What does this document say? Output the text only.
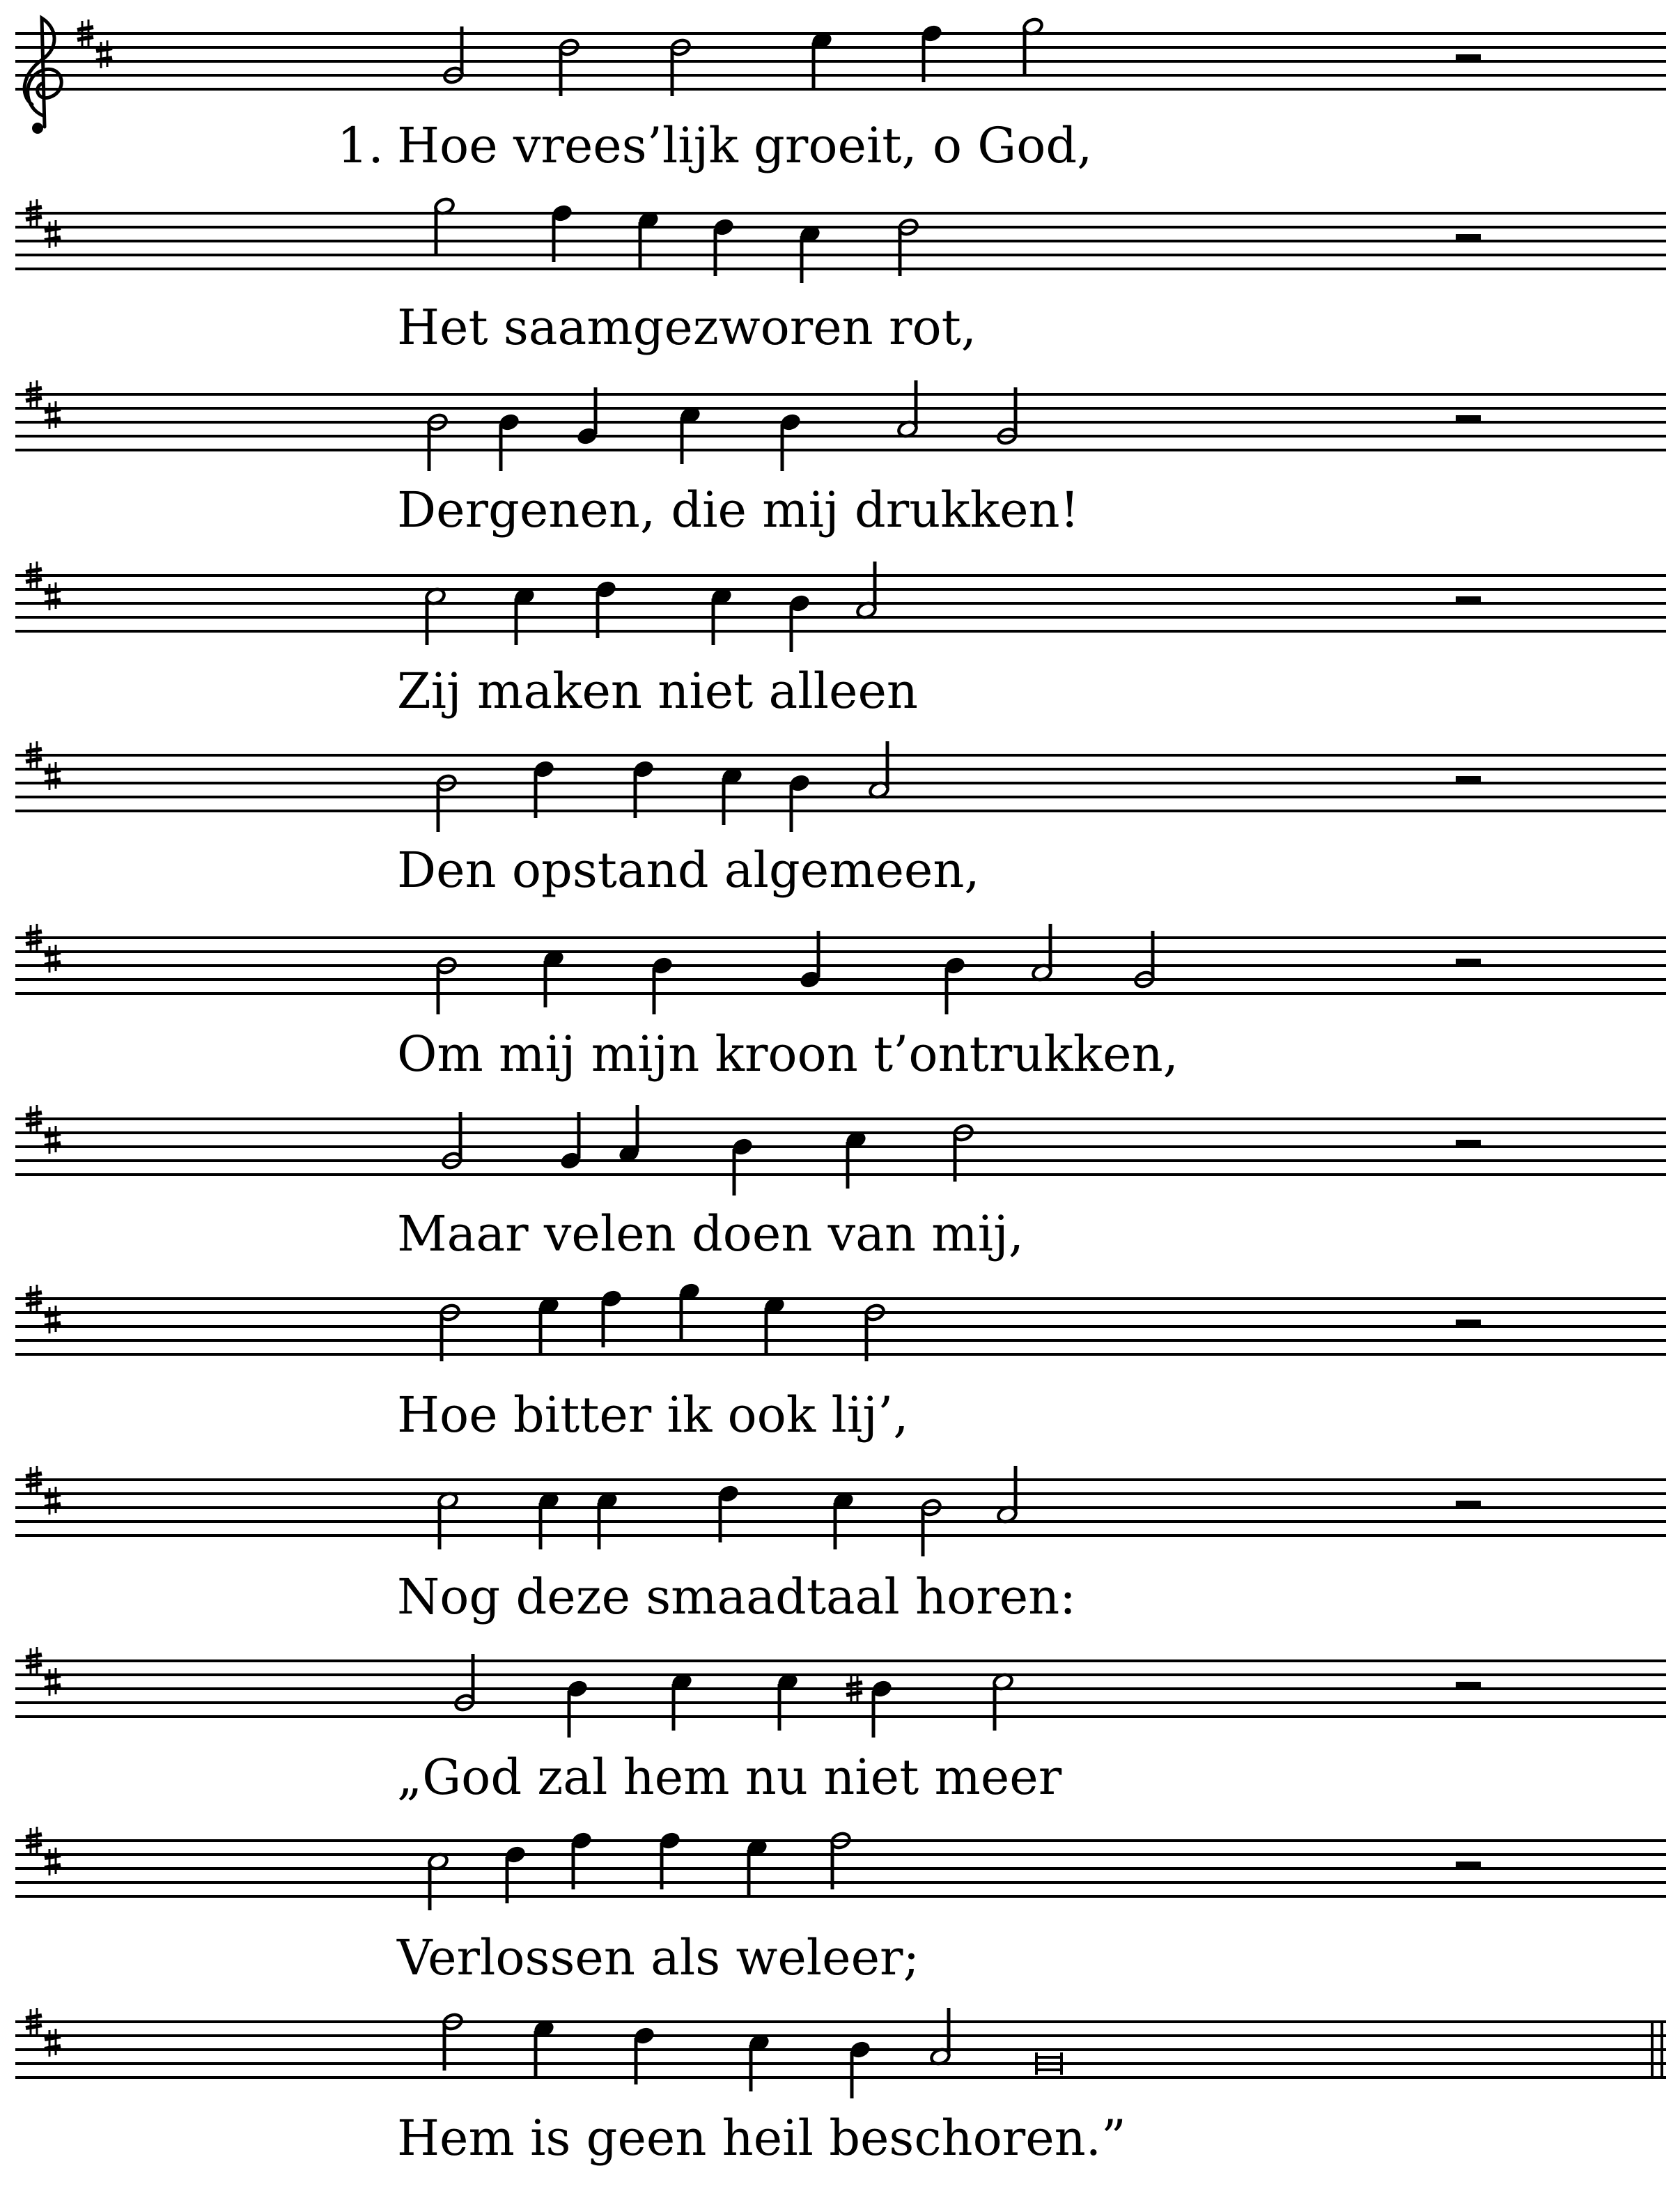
1. Hoe vrees’lijk groeit, o God,
Het saamgezworen rot,
Dergenen, die mij drukken!
Zij maken niet alleen
Den opstand algemeen,
Om mij mijn kroon t’ontrukken,
Maar velen doen van mij,
Hoe bitter ik ook lij’,
Nog deze smaadtaal horen:
„God zal hem nu niet meer
Verlossen als weleer;
Hem is geen heil beschoren.”
